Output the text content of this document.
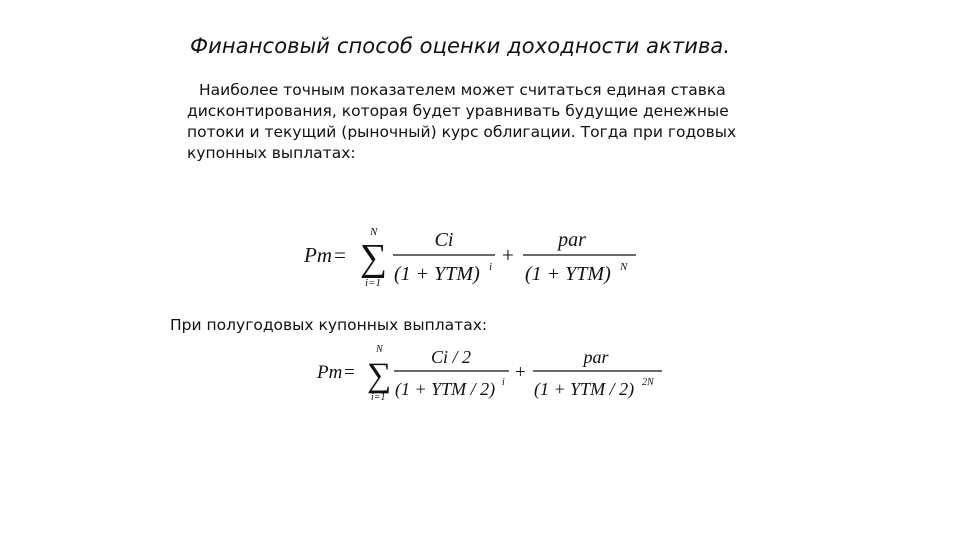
Финансовый способ оценки доходности актива.

Наиболее точным показателем может считаться единая ставка
дисконтирования, которая будет уравнивать будущие денежные
потоки и текущий (рыночный) курс облигации. Тогда при годовых
купонных выплатах:

Pm = ∑
N
i=1
Ci
(1 + YTM) i +
par
(1 + YTM) N

При полугодовых купонных выплатах:

Pm = ∑
N
i=1
Ci / 2
(1 + YTM / 2) i +
par
(1 + YTM / 2) 2N
